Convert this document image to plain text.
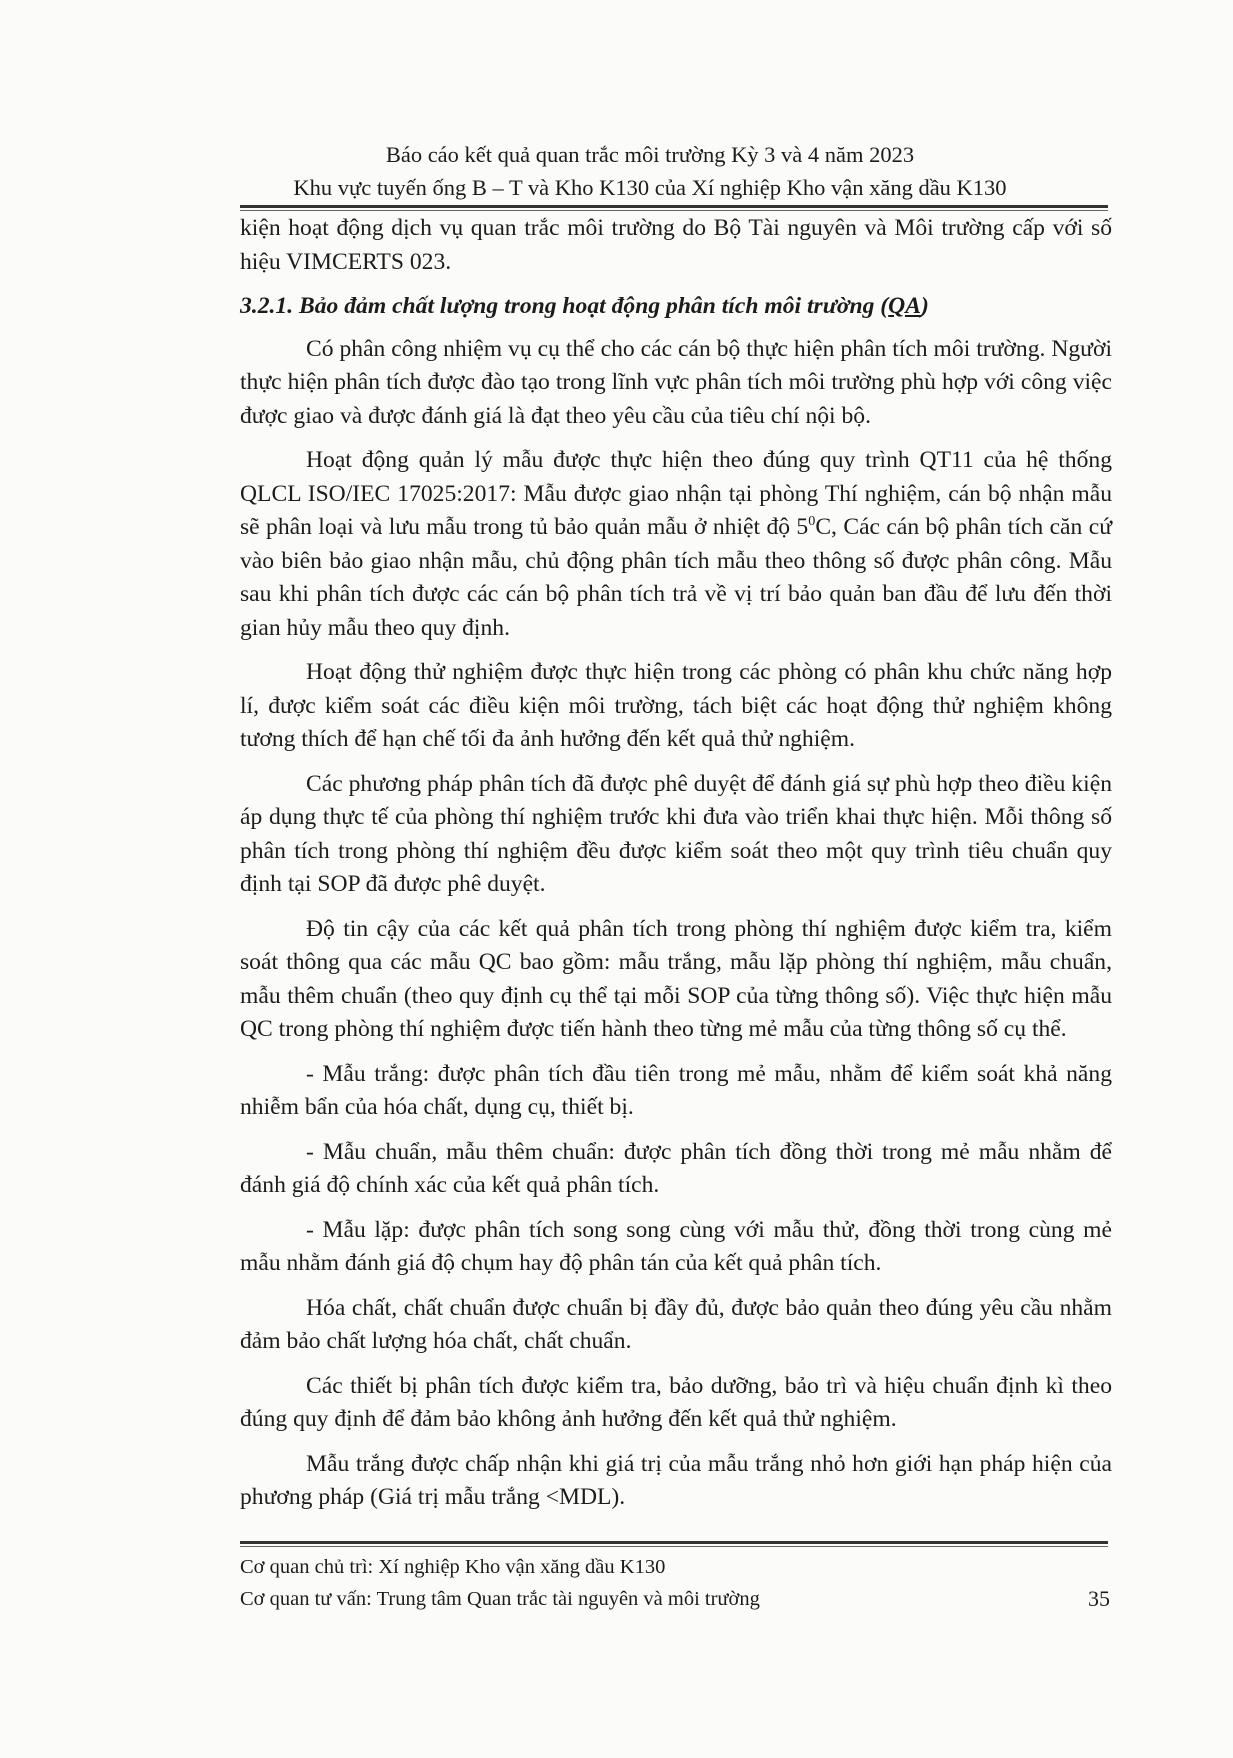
Báo cáo kết quả quan trắc môi trường Kỳ 3 và 4 năm 2023
Khu vực tuyến ống B – T và Kho K130 của Xí nghiệp Kho vận xăng dầu K130

kiện hoạt động dịch vụ quan trắc môi trường do Bộ Tài nguyên và Môi trường cấp với số hiệu VIMCERTS 023.

3.2.1. Bảo đảm chất lượng trong hoạt động phân tích môi trường (QA)

Có phân công nhiệm vụ cụ thể cho các cán bộ thực hiện phân tích môi trường. Người thực hiện phân tích được đào tạo trong lĩnh vực phân tích môi trường phù hợp với công việc được giao và được đánh giá là đạt theo yêu cầu của tiêu chí nội bộ.

Hoạt động quản lý mẫu được thực hiện theo đúng quy trình QT11 của hệ thống QLCL ISO/IEC 17025:2017: Mẫu được giao nhận tại phòng Thí nghiệm, cán bộ nhận mẫu sẽ phân loại và lưu mẫu trong tủ bảo quản mẫu ở nhiệt độ $5^0C$, Các cán bộ phân tích căn cứ vào biên bảo giao nhận mẫu, chủ động phân tích mẫu theo thông số được phân công. Mẫu sau khi phân tích được các cán bộ phân tích trả về vị trí bảo quản ban đầu để lưu đến thời gian hủy mẫu theo quy định.

Hoạt động thử nghiệm được thực hiện trong các phòng có phân khu chức năng hợp lí, được kiểm soát các điều kiện môi trường, tách biệt các hoạt động thử nghiệm không tương thích để hạn chế tối đa ảnh hưởng đến kết quả thử nghiệm.

Các phương pháp phân tích đã được phê duyệt để đánh giá sự phù hợp theo điều kiện áp dụng thực tế của phòng thí nghiệm trước khi đưa vào triển khai thực hiện. Mỗi thông số phân tích trong phòng thí nghiệm đều được kiểm soát theo một quy trình tiêu chuẩn quy định tại SOP đã được phê duyệt.

Độ tin cậy của các kết quả phân tích trong phòng thí nghiệm được kiểm tra, kiểm soát thông qua các mẫu QC bao gồm: mẫu trắng, mẫu lặp phòng thí nghiệm, mẫu chuẩn, mẫu thêm chuẩn (theo quy định cụ thể tại mỗi SOP của từng thông số). Việc thực hiện mẫu QC trong phòng thí nghiệm được tiến hành theo từng mẻ mẫu của từng thông số cụ thể.

- Mẫu trắng: được phân tích đầu tiên trong mẻ mẫu, nhằm để kiểm soát khả năng nhiễm bẩn của hóa chất, dụng cụ, thiết bị.

- Mẫu chuẩn, mẫu thêm chuẩn: được phân tích đồng thời trong mẻ mẫu nhằm để đánh giá độ chính xác của kết quả phân tích.

- Mẫu lặp: được phân tích song song cùng với mẫu thử, đồng thời trong cùng mẻ mẫu nhằm đánh giá độ chụm hay độ phân tán của kết quả phân tích.

Hóa chất, chất chuẩn được chuẩn bị đầy đủ, được bảo quản theo đúng yêu cầu nhằm đảm bảo chất lượng hóa chất, chất chuẩn.

Các thiết bị phân tích được kiểm tra, bảo dưỡng, bảo trì và hiệu chuẩn định kì theo đúng quy định để đảm bảo không ảnh hưởng đến kết quả thử nghiệm.

Mẫu trắng được chấp nhận khi giá trị của mẫu trắng nhỏ hơn giới hạn pháp hiện của phương pháp (Giá trị mẫu trắng <MDL).

Cơ quan chủ trì: Xí nghiệp Kho vận xăng dầu K130
Cơ quan tư vấn: Trung tâm Quan trắc tài nguyên và môi trường	35
